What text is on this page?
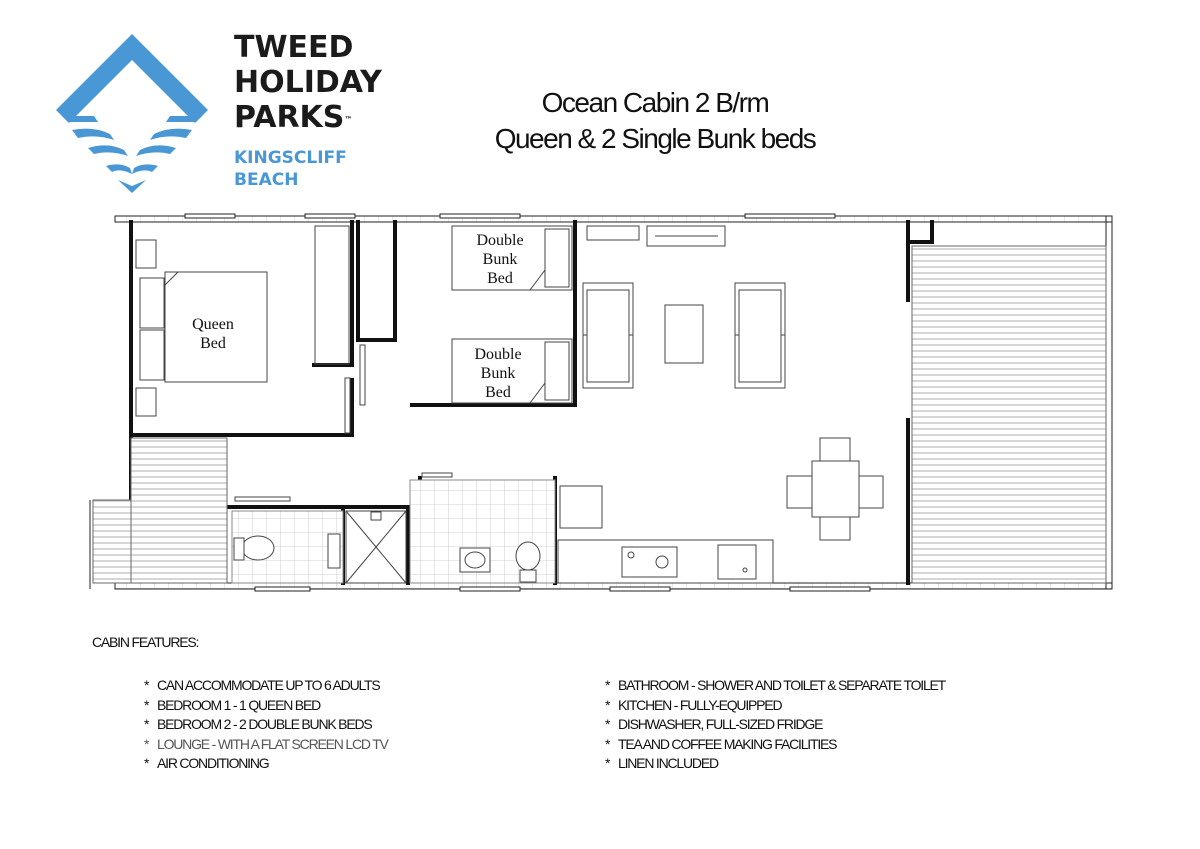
TWEED
HOLIDAY
PARKS™
KINGSCLIFF
BEACH
Ocean Cabin 2 B/rm
Queen & 2 Single Bunk beds
Queen
Bed
Double
Bunk
Bed
Double
Bunk
Bed
CABIN FEATURES:
* CAN ACCOMMODATE UP TO 6 ADULTS
* BEDROOM 1 - 1 QUEEN BED
* BEDROOM 2 - 2 DOUBLE BUNK BEDS
* LOUNGE - WITH A FLAT SCREEN LCD TV
* AIR CONDITIONING
* BATHROOM - SHOWER AND TOILET & SEPARATE TOILET
* KITCHEN - FULLY-EQUIPPED
* DISHWASHER, FULL-SIZED FRIDGE
* TEA AND COFFEE MAKING FACILITIES
* LINEN INCLUDED
